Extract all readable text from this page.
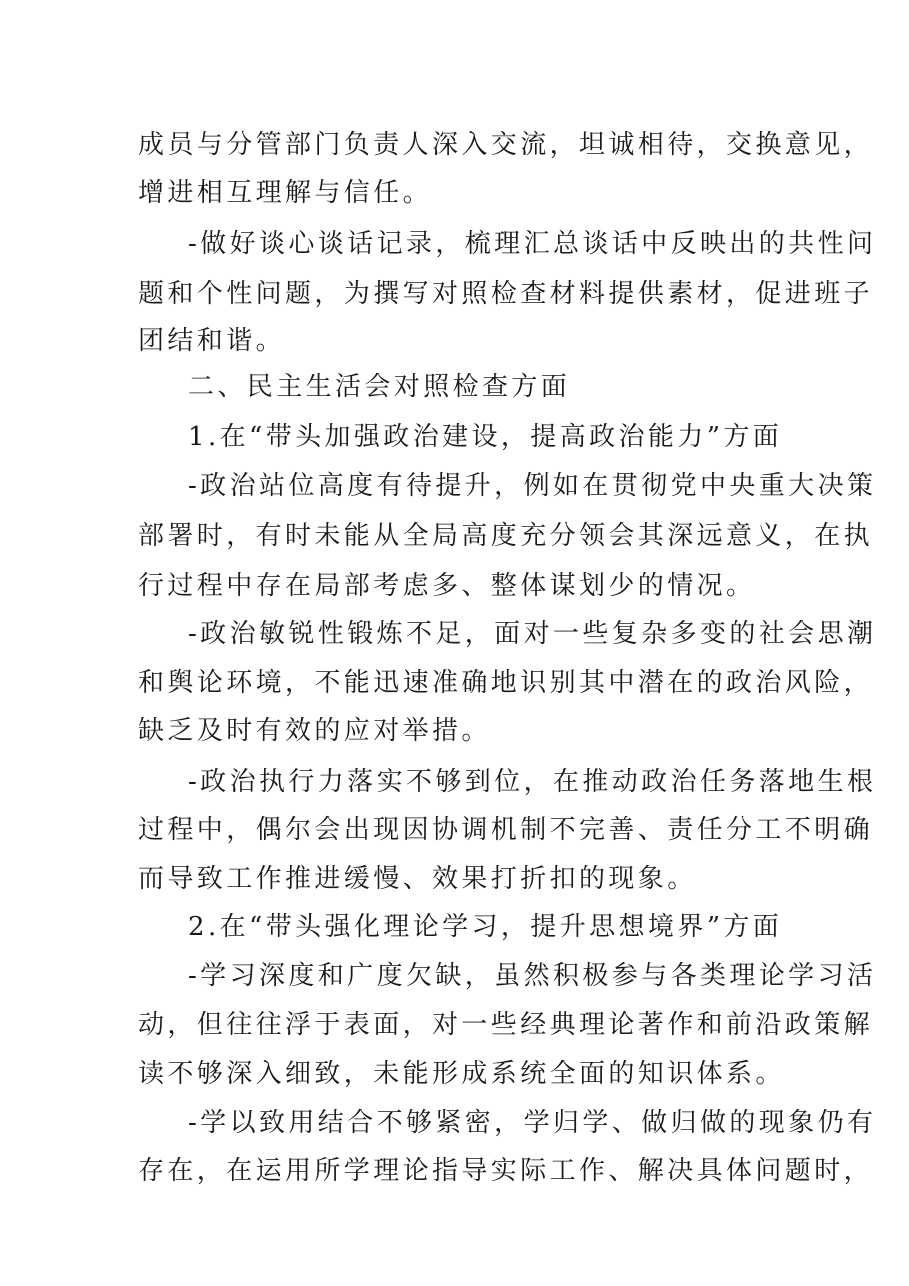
成员与分管部门负责人深入交流，坦诚相待，交换意见，
增进相互理解与信任。
-做好谈心谈话记录，梳理汇总谈话中反映出的共性问
题和个性问题，为撰写对照检查材料提供素材，促进班子
团结和谐。
二、民主生活会对照检查方面
1.在“带头加强政治建设，提高政治能力”方面
-政治站位高度有待提升，例如在贯彻党中央重大决策
部署时，有时未能从全局高度充分领会其深远意义，在执
行过程中存在局部考虑多、整体谋划少的情况。
-政治敏锐性锻炼不足，面对一些复杂多变的社会思潮
和舆论环境，不能迅速准确地识别其中潜在的政治风险，
缺乏及时有效的应对举措。
-政治执行力落实不够到位，在推动政治任务落地生根
过程中，偶尔会出现因协调机制不完善、责任分工不明确
而导致工作推进缓慢、效果打折扣的现象。
2.在“带头强化理论学习，提升思想境界”方面
-学习深度和广度欠缺，虽然积极参与各类理论学习活
动，但往往浮于表面，对一些经典理论著作和前沿政策解
读不够深入细致，未能形成系统全面的知识体系。
-学以致用结合不够紧密，学归学、做归做的现象仍有
存在，在运用所学理论指导实际工作、解决具体问题时，
